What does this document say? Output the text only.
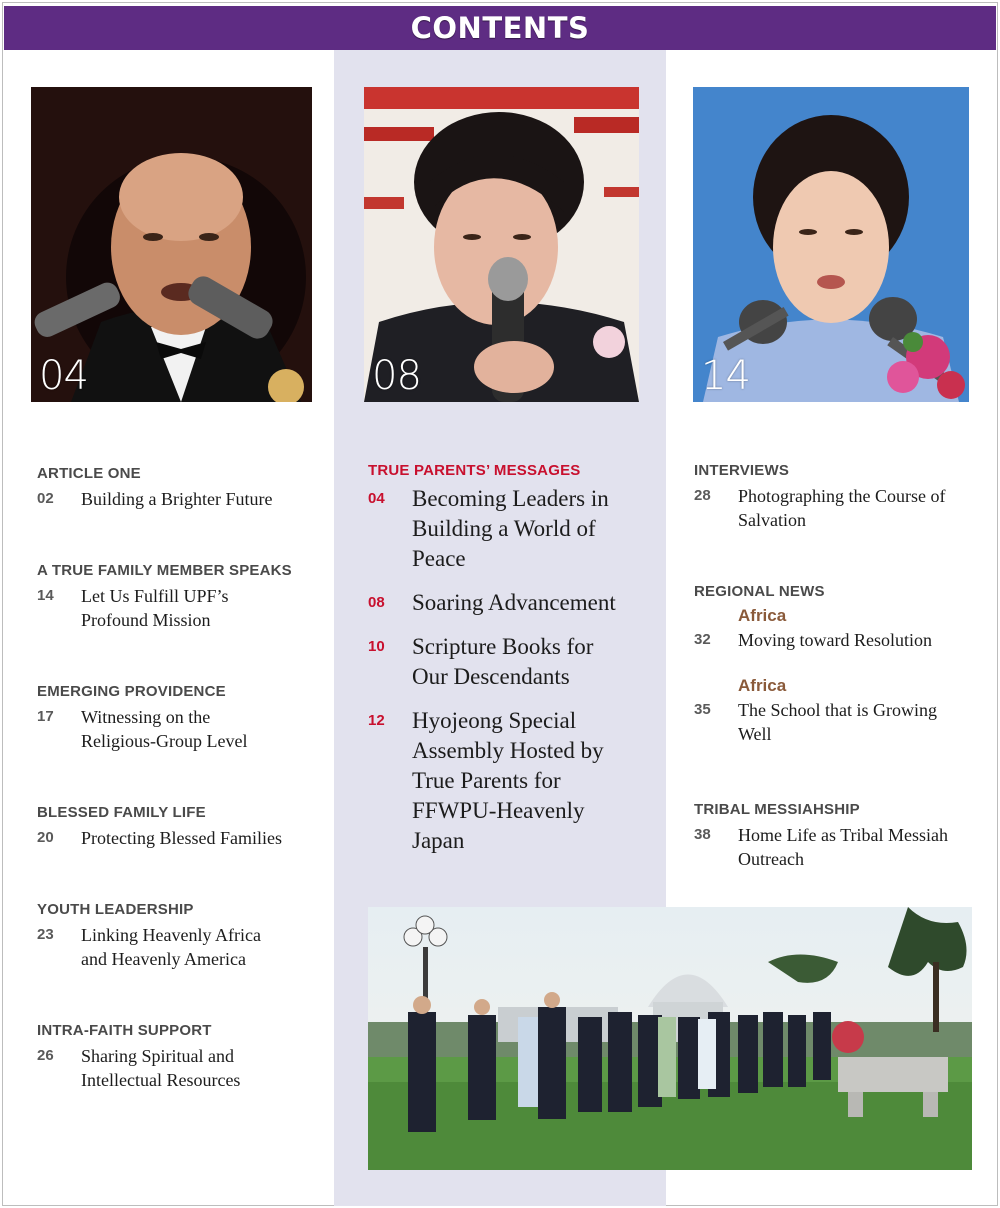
CONTENTS
04	08	14
ARTICLE ONE
02	Building a Brighter Future
A TRUE FAMILY MEMBER SPEAKS
14	Let Us Fulfill UPF’s Profound Mission
EMERGING PROVIDENCE
17	Witnessing on the Religious-Group Level
BLESSED FAMILY LIFE
20	Protecting Blessed Families
YOUTH LEADERSHIP
23	Linking Heavenly Africa and Heavenly America
INTRA-FAITH SUPPORT
26	Sharing Spiritual and Intellectual Resources
TRUE PARENTS’ MESSAGES
04	Becoming Leaders in Building a World of Peace
08	Soaring Advancement
10	Scripture Books for Our Descendants
12	Hyojeong Special Assembly Hosted by True Parents for FFWPU-Heavenly Japan
INTERVIEWS
28	Photographing the Course of Salvation
REGIONAL NEWS
Africa
32	Moving toward Resolution
Africa
35	The School that is Growing Well
TRIBAL MESSIAHSHIP
38	Home Life as Tribal Messiah Outreach
